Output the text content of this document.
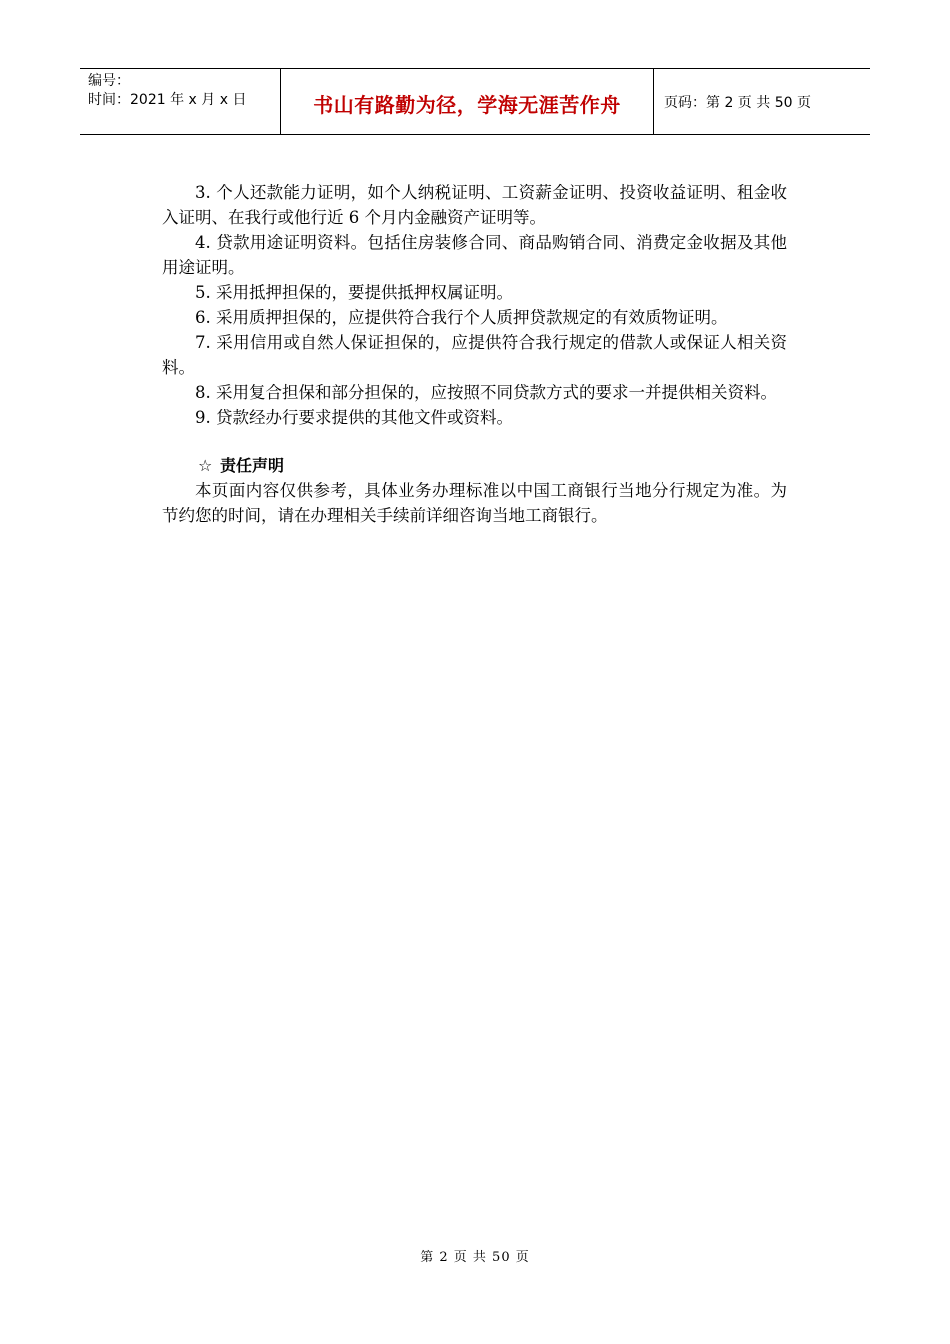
编号：
时间：2021 年 x 月 x 日	书山有路勤为径，学海无涯苦作舟	页码：第 2 页 共 50 页

3. 个人还款能力证明，如个人纳税证明、工资薪金证明、投资收益证明、租金收入证明、在我行或他行近 6 个月内金融资产证明等。

4. 贷款用途证明资料。包括住房装修合同、商品购销合同、消费定金收据及其他用途证明。

5. 采用抵押担保的，要提供抵押权属证明。

6. 采用质押担保的，应提供符合我行个人质押贷款规定的有效质物证明。

7. 采用信用或自然人保证担保的，应提供符合我行规定的借款人或保证人相关资料。

8. 采用复合担保和部分担保的，应按照不同贷款方式的要求一并提供相关资料。

9. 贷款经办行要求提供的其他文件或资料。

☆ 责任声明

本页面内容仅供参考，具体业务办理标准以中国工商银行当地分行规定为准。为节约您的时间，请在办理相关手续前详细咨询当地工商银行。

第 2 页 共 50 页
